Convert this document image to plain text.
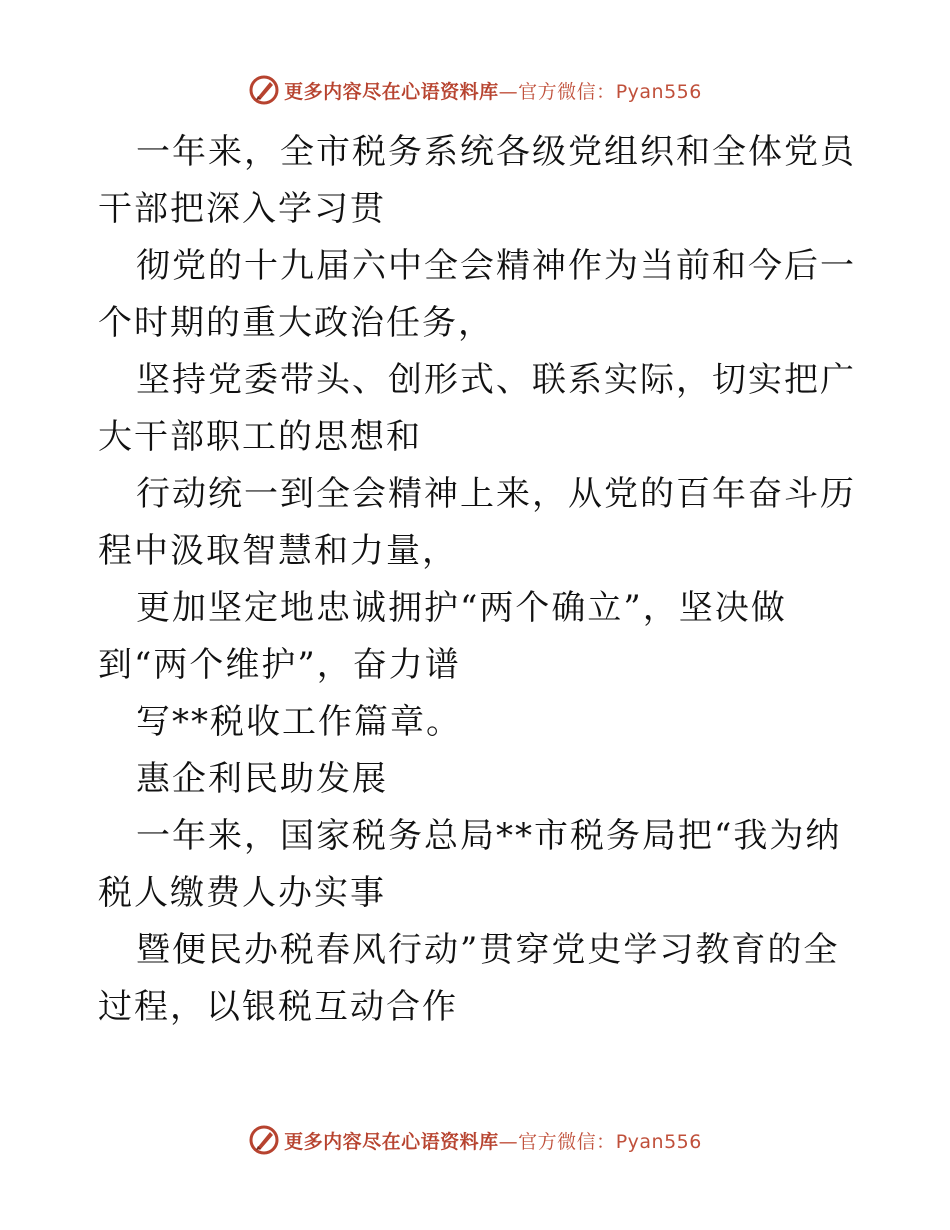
更多内容尽在心语资料库—官方微信：Pyan556

一年来，全市税务系统各级党组织和全体党员干部把深入学习贯

彻党的十九届六中全会精神作为当前和今后一个时期的重大政治任务，

坚持党委带头、创形式、联系实际，切实把广大干部职工的思想和

行动统一到全会精神上来，从党的百年奋斗历程中汲取智慧和力量，

更加坚定地忠诚拥护“两个确立”，坚决做

到“两个维护”，奋力谱

写**税收工作篇章。

惠企利民助发展

一年来，国家税务总局**市税务局把“我为纳税人缴费人办实事

暨便民办税春风行动”贯穿党史学习教育的全过程，以银税互动合作

更多内容尽在心语资料库—官方微信：Pyan556
